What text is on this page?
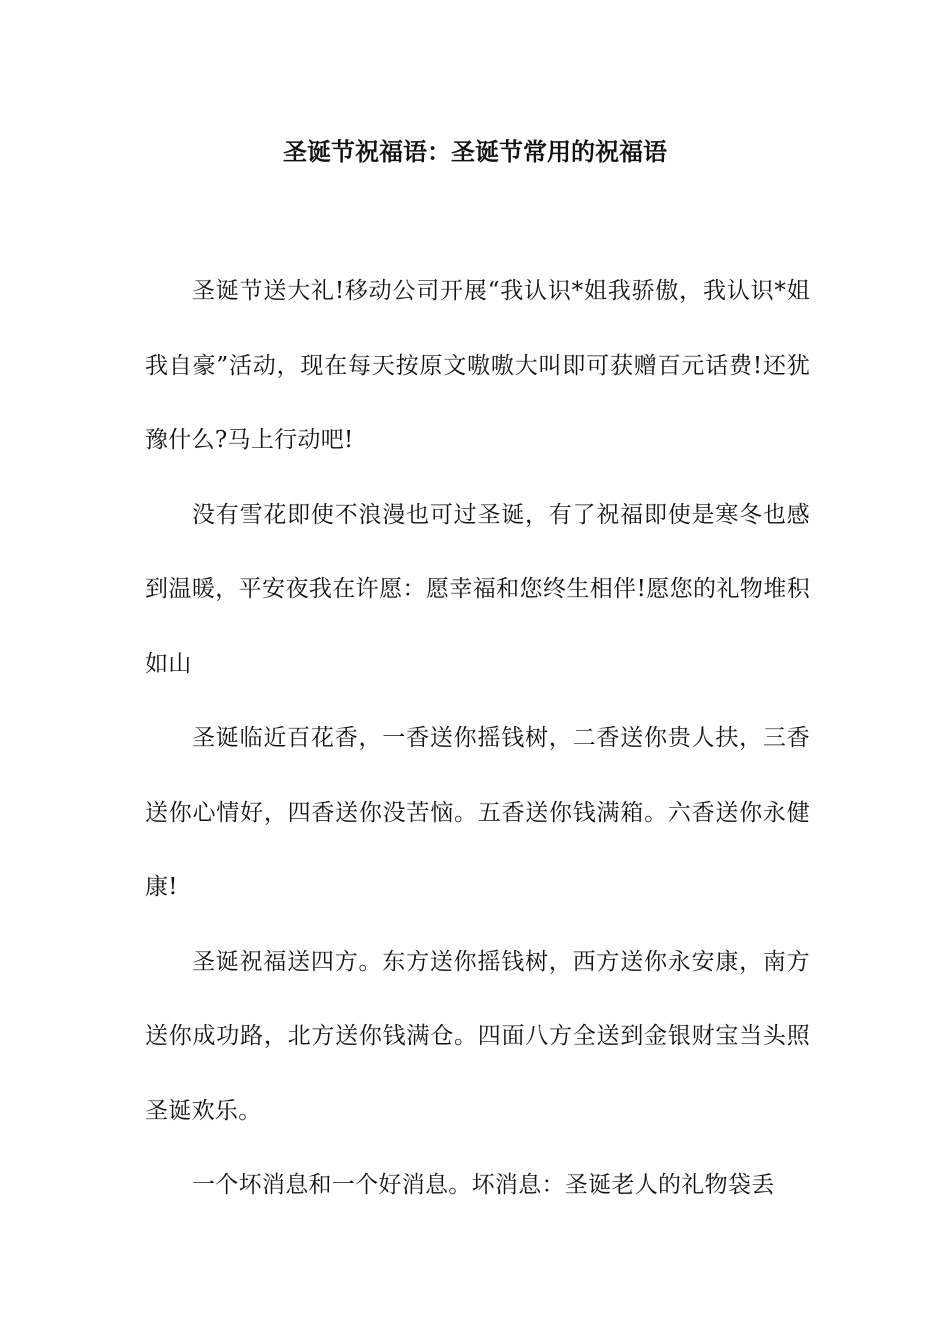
圣诞节祝福语：圣诞节常用的祝福语

圣诞节送大礼!移动公司开展“我认识*姐我骄傲，我认识*姐我自豪”活动，现在每天按原文嗷嗷大叫即可获赠百元话费!还犹豫什么?马上行动吧!

没有雪花即使不浪漫也可过圣诞，有了祝福即使是寒冬也感到温暖，平安夜我在许愿：愿幸福和您终生相伴!愿您的礼物堆积如山

圣诞临近百花香，一香送你摇钱树，二香送你贵人扶，三香送你心情好，四香送你没苦恼。五香送你钱满箱。六香送你永健康!

圣诞祝福送四方。东方送你摇钱树，西方送你永安康，南方送你成功路，北方送你钱满仓。四面八方全送到金银财宝当头照圣诞欢乐。

一个坏消息和一个好消息。坏消息：圣诞老人的礼物袋丢
